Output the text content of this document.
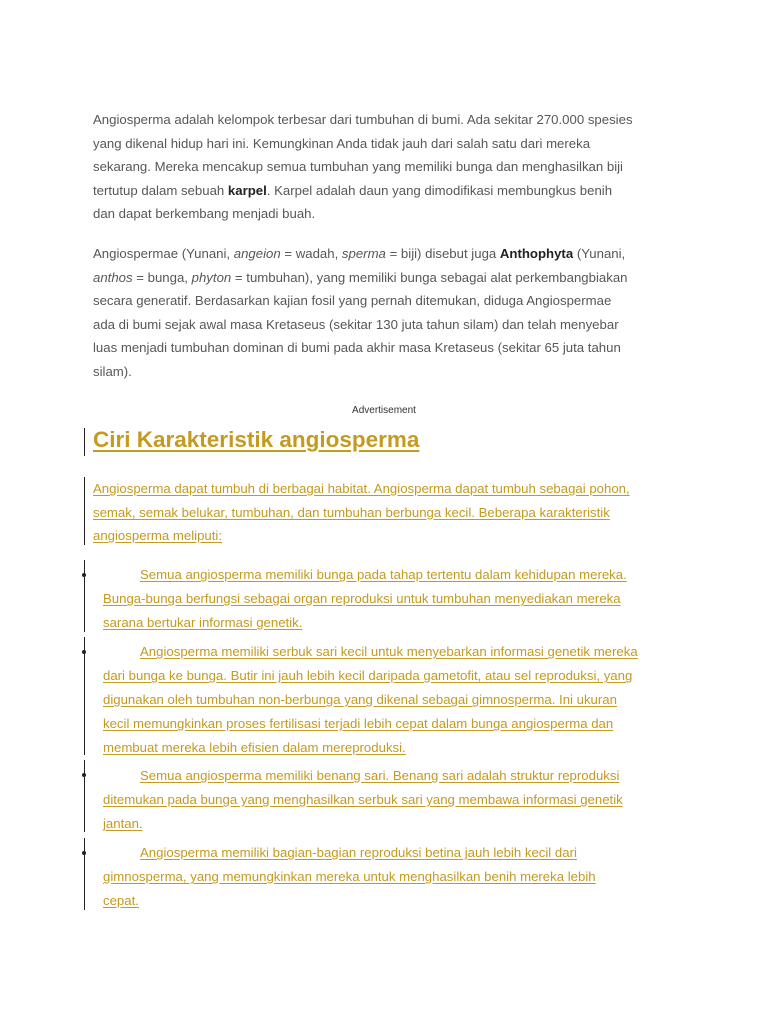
Angiosperma adalah kelompok terbesar dari tumbuhan di bumi. Ada sekitar 270.000 spesies
yang dikenal hidup hari ini. Kemungkinan Anda tidak jauh dari salah satu dari mereka
sekarang. Mereka mencakup semua tumbuhan yang memiliki bunga dan menghasilkan biji
tertutup dalam sebuah karpel. Karpel adalah daun yang dimodifikasi membungkus benih
dan dapat berkembang menjadi buah.

Angiospermae (Yunani, angeion = wadah, sperma = biji) disebut juga Anthophyta (Yunani,
anthos = bunga, phyton = tumbuhan), yang memiliki bunga sebagai alat perkembangbiakan
secara generatif. Berdasarkan kajian fosil yang pernah ditemukan, diduga Angiospermae
ada di bumi sejak awal masa Kretaseus (sekitar 130 juta tahun silam) dan telah menyebar
luas menjadi tumbuhan dominan di bumi pada akhir masa Kretaseus (sekitar 65 juta tahun
silam).

Advertisement
Ciri Karakteristik angiosperma

Angiosperma dapat tumbuh di berbagai habitat. Angiosperma dapat tumbuh sebagai pohon,
semak, semak belukar, tumbuhan, dan tumbuhan berbunga kecil. Beberapa karakteristik
angiosperma meliputi:

Semua angiosperma memiliki bunga pada tahap tertentu dalam kehidupan mereka.
Bunga-bunga berfungsi sebagai organ reproduksi untuk tumbuhan menyediakan mereka
sarana bertukar informasi genetik.

Angiosperma memiliki serbuk sari kecil untuk menyebarkan informasi genetik mereka
dari bunga ke bunga. Butir ini jauh lebih kecil daripada gametofit, atau sel reproduksi, yang
digunakan oleh tumbuhan non-berbunga yang dikenal sebagai gimnosperma. Ini ukuran
kecil memungkinkan proses fertilisasi terjadi lebih cepat dalam bunga angiosperma dan
membuat mereka lebih efisien dalam mereproduksi.

Semua angiosperma memiliki benang sari. Benang sari adalah struktur reproduksi
ditemukan pada bunga yang menghasilkan serbuk sari yang membawa informasi genetik
jantan.

Angiosperma memiliki bagian-bagian reproduksi betina jauh lebih kecil dari
gimnosperma, yang memungkinkan mereka untuk menghasilkan benih mereka lebih
cepat.
